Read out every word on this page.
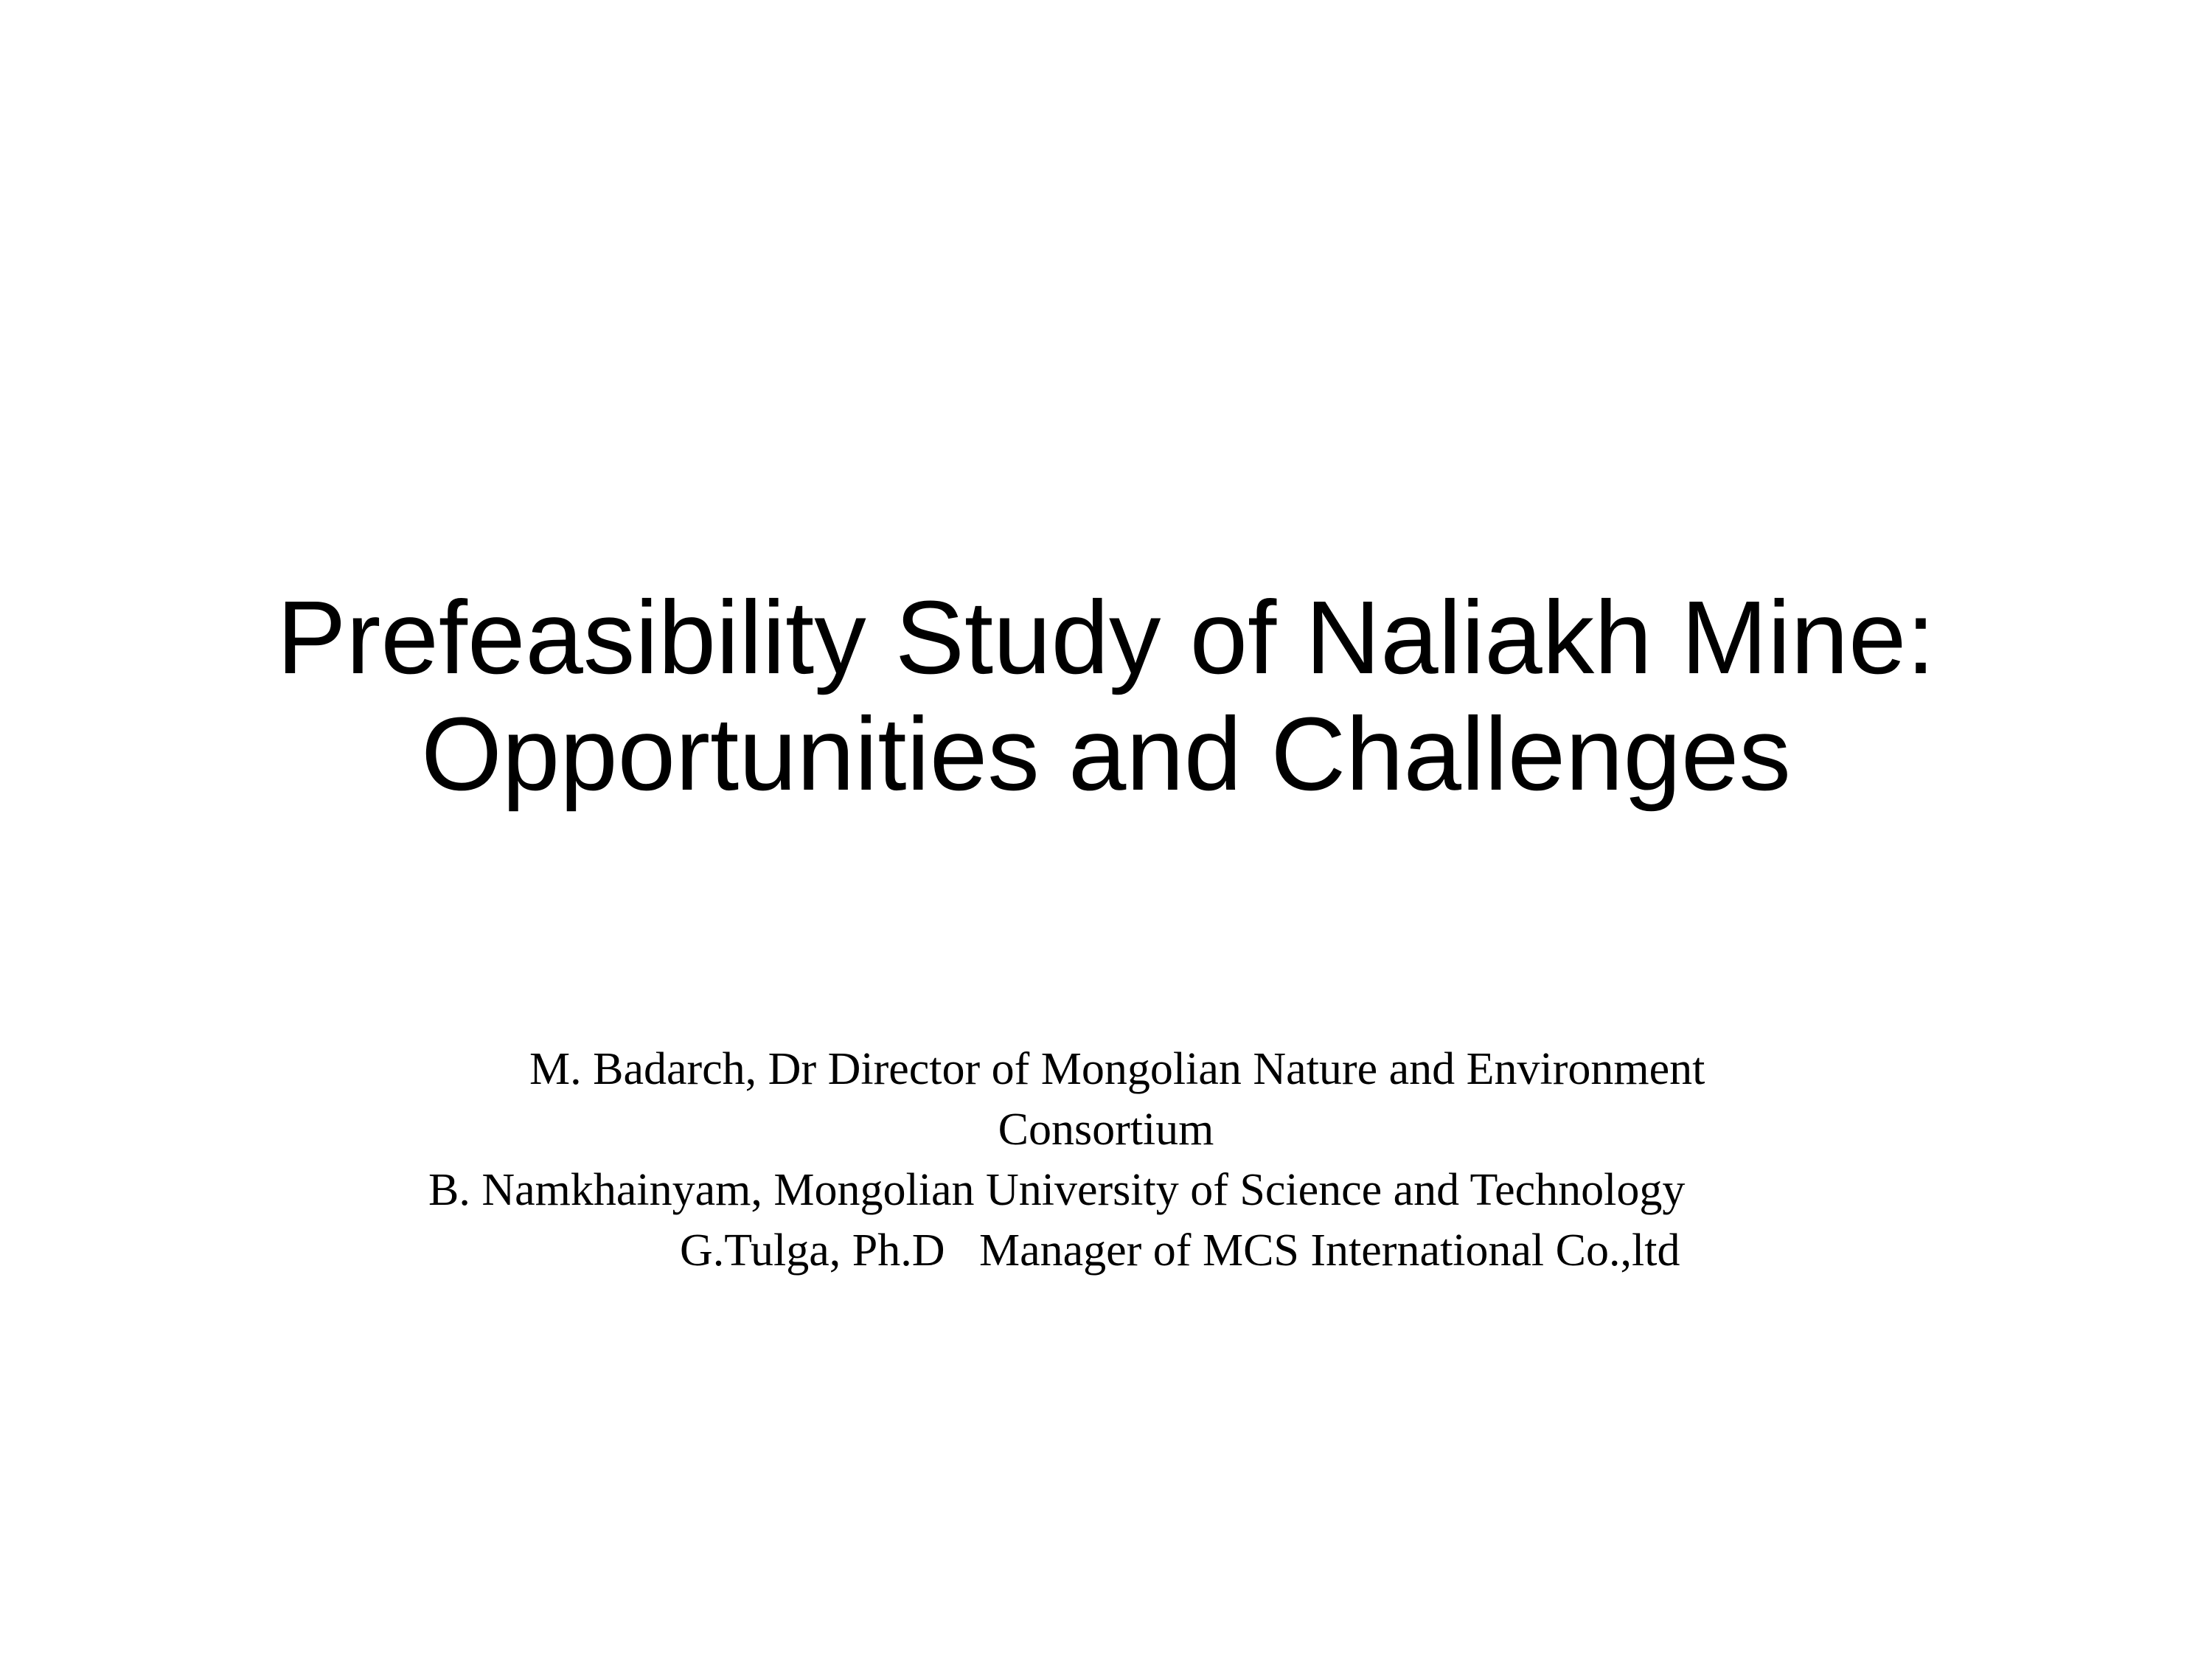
Prefeasibility Study of Naliakh Mine:
Opportunities and Challenges
M. Badarch, Dr Director of Mongolian Nature and Environment
Consortium
B. Namkhainyam, Mongolian University of Science and Technology
G.Tulga, Ph.D   Manager of MCS International Co.,ltd
